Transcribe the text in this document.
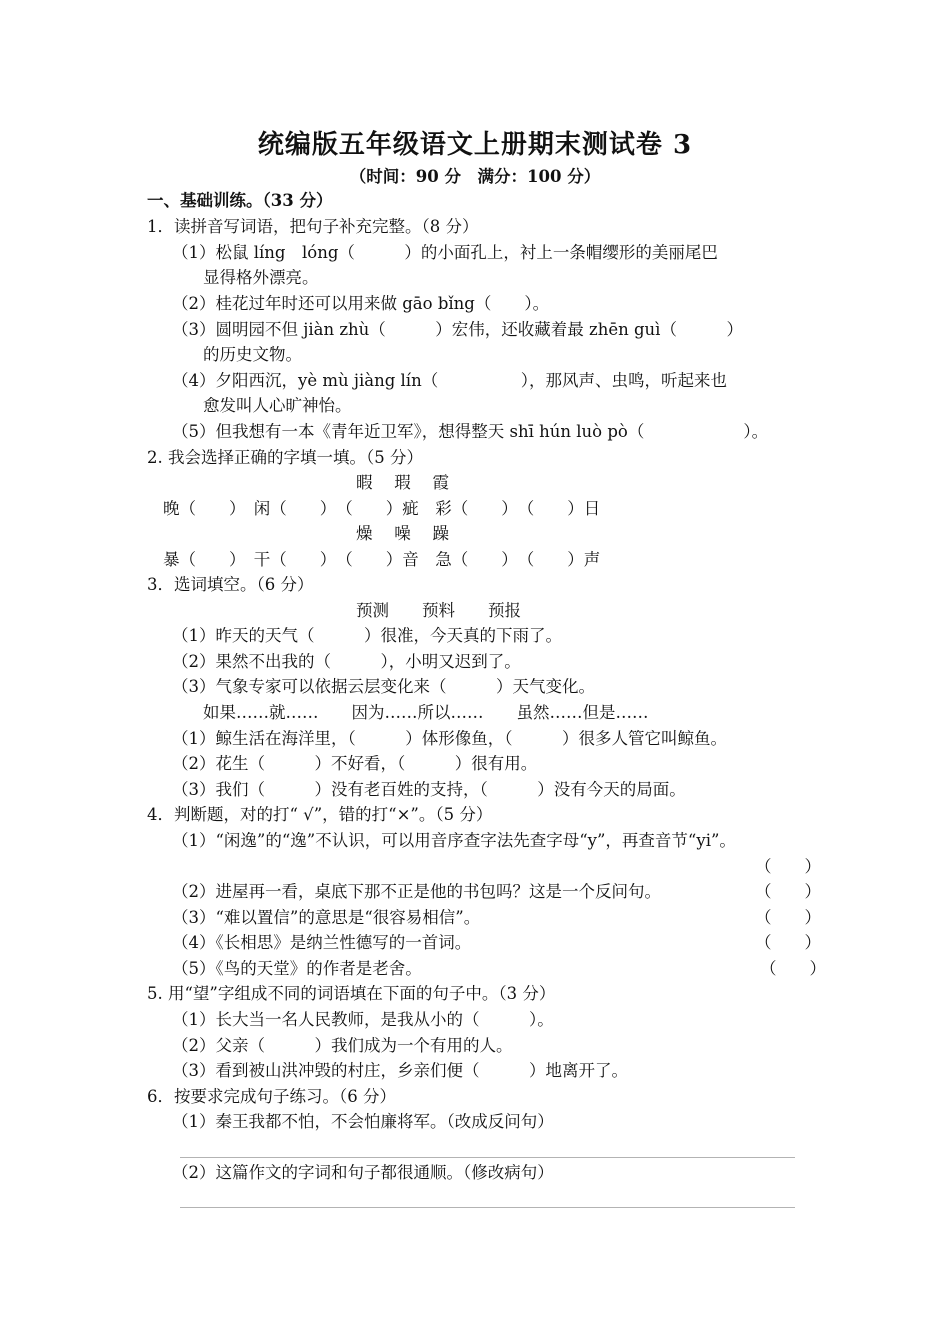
统编版五年级语文上册期末测试卷 3
（时间：90 分　满分：100 分）
一、基础训练。（33 分）
1．读拼音写词语，把句子补充完整。（8 分）
（1）松鼠 líng　lóng（　　　）的小面孔上，衬上一条帽缨形的美丽尾巴
显得格外漂亮。
（2）桂花过年时还可以用来做 gāo bǐng（　　）。
（3）圆明园不但 jiàn zhù（　　　）宏伟，还收藏着最 zhēn guì（　　　）
的历史文物。
（4）夕阳西沉，yè mù jiàng lín（　　　　　），那风声、虫鸣，听起来也
愈发叫人心旷神怡。
（5）但我想有一本《青年近卫军》，想得整天 shī hún luò pò（　　　　　　）。
2. 我会选择正确的字填一填。（5 分）
暇　 瑕　 霞
晚（　　）　闲（　　）　（　　）疵　彩（　　）　（　　）日
燥　 噪　 躁
暴（　　）　干（　　）　（　　）音　急（　　）　（　　）声
3．选词填空。（6 分）
预测　　预料　　预报
（1）昨天的天气（　　　）很准，今天真的下雨了。
（2）果然不出我的（　　　），小明又迟到了。
（3）气象专家可以依据云层变化来（　　　）天气变化。
如果……就……　　因为……所以……　　虽然……但是……
（1）鲸生活在海洋里，（　　　）体形像鱼，（　　　）很多人管它叫鲸鱼。
（2）花生（　　　）不好看，（　　　）很有用。
（3）我们（　　　）没有老百姓的支持，（　　　）没有今天的局面。
4．判断题，对的打“ √”，错的打“×”。（5 分）
（1）“闲逸”的“逸”不认识，可以用音序查字法先查字母“y”，再查音节“yi”。
（　　）
（2）进屋再一看，桌底下那不正是他的书包吗？这是一个反问句。	（　　）
（3）“难以置信”的意思是“很容易相信”。	（　　）
（4）《长相思》是纳兰性德写的一首词。	（　　）
（5）《鸟的天堂》的作者是老舍。	（　　）
5. 用“望”字组成不同的词语填在下面的句子中。（3 分）
（1）长大当一名人民教师，是我从小的（　　　）。
（2）父亲（　　　）我们成为一个有用的人。
（3）看到被山洪冲毁的村庄，乡亲们便（　　　）地离开了。
6．按要求完成句子练习。（6 分）
（1）秦王我都不怕，不会怕廉将军。（改成反问句）
（2）这篇作文的字词和句子都很通顺。（修改病句）
